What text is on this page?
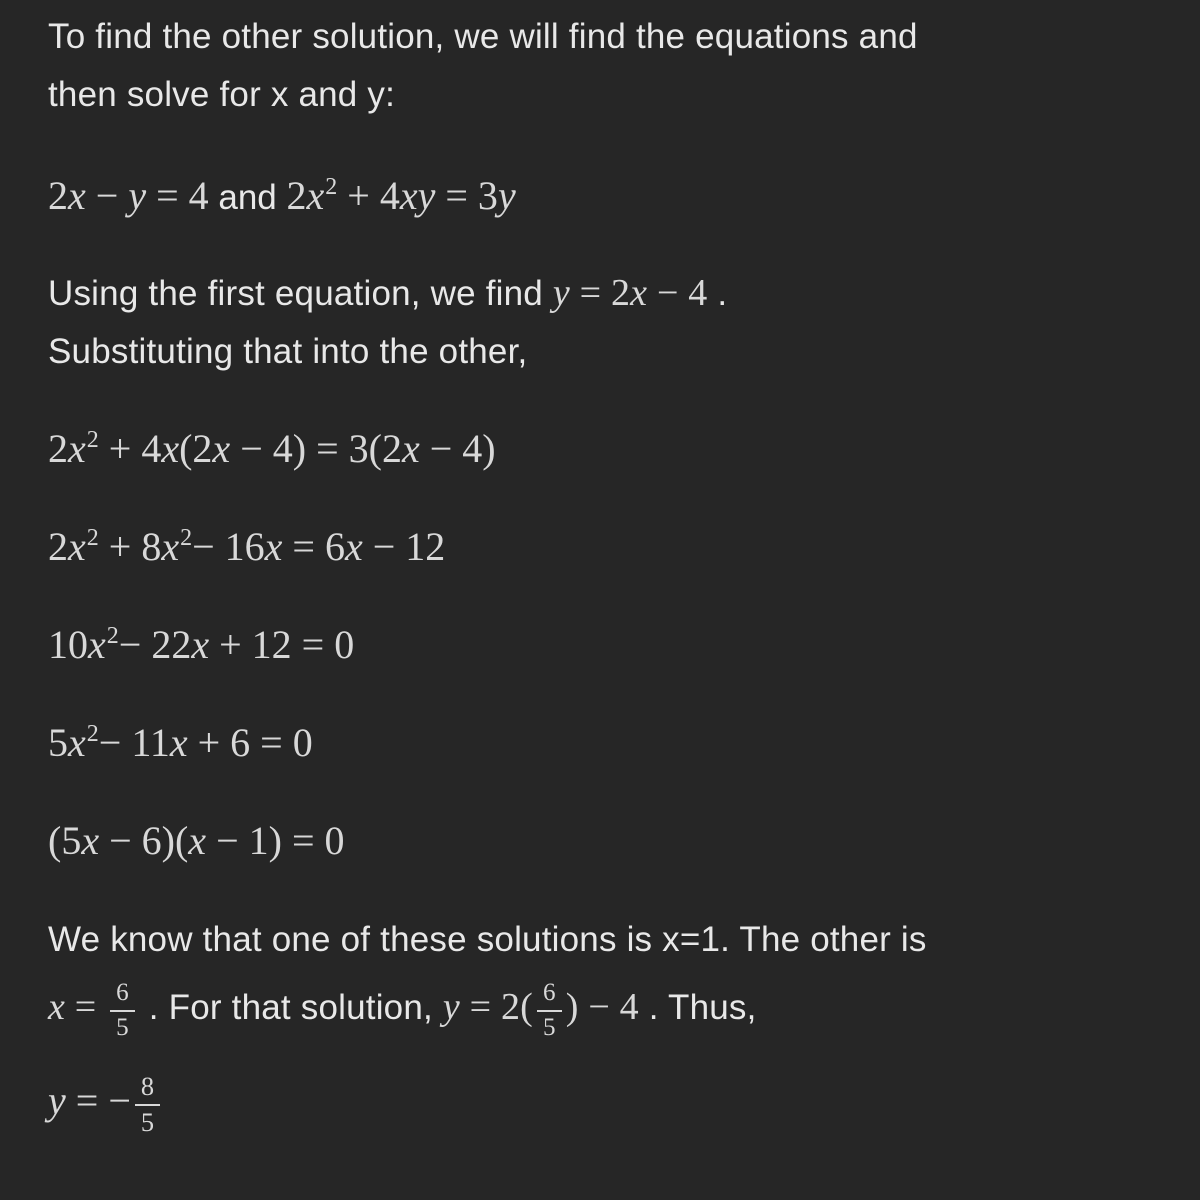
To find the other solution, we will find the equations and
then solve for x and y:
2x − y = 4 and $2x^2 + 4xy = 3y$
Using the first equation, we find y = 2x − 4 .
Substituting that into the other,
$2x^2 + 4x(2x - 4) = 3(2x - 4)$
$2x^2 + 8x^2- 16x = 6x - 12$
$10x^2- 22x + 12 = 0$
$5x^2- 11x + 6 = 0$
(5x − 6)(x − 1) = 0
We know that one of these solutions is x=1. The other is
$x = \frac{6}{5}$ . For that solution, $y = 2( \frac{6}{5}$ ) − 4 . Thus,
y = − $\frac{8}{5}$
